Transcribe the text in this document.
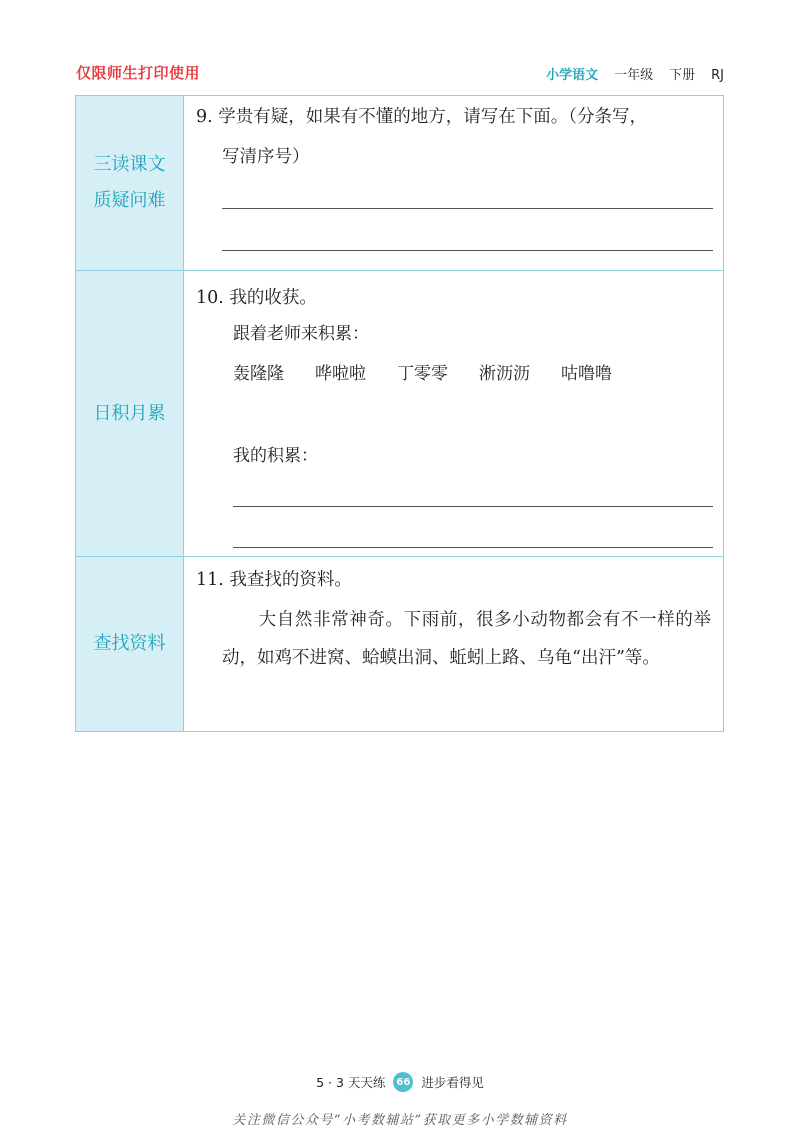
仅限师生打印使用	小学语文 一年级 下册 RJ
三读课文
质疑问难
9. 学贵有疑，如果有不懂的地方，请写在下面。（分条写，
写清序号）
日积月累
10. 我的收获。
跟着老师来积累：
轰隆隆 哗啦啦 丁零零 淅沥沥 咕噜噜
我的积累：
查找资料
11. 我查找的资料。
大自然非常神奇。下雨前，很多小动物都会有不一样的举动，如鸡不进窝、蛤蟆出洞、蚯蚓上路、乌龟“出汗”等。
5 · 3 天天练	66 进步看得见
关注微信公众号“小考数辅站”获取更多小学数辅资料
